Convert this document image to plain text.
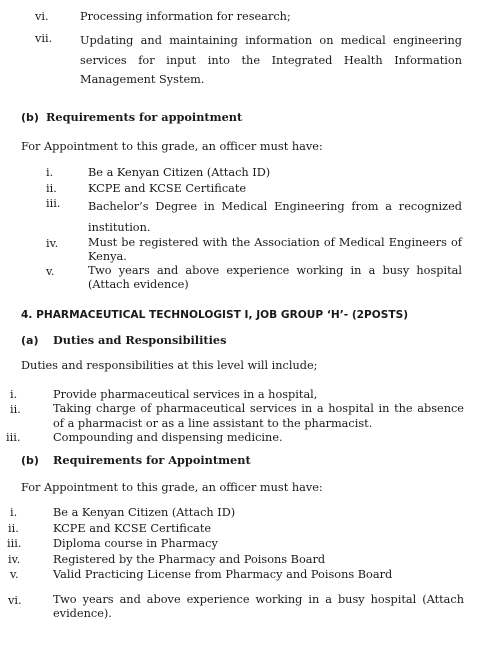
vi.	Processing information for research;
vii. Updating and maintaining information on medical engineering services for input into the Integrated Health Information Management System.
(b) Requirements for appointment
For Appointment to this grade, an officer must have:
i.	Be a Kenyan Citizen (Attach ID)
ii.	KCPE and KCSE Certificate
iii. Bachelor’s Degree in Medical Engineering from a recognized institution.
iv.	Must be registered with the Association of Medical Engineers of Kenya.
v.	Two years and above experience working in a busy hospital (Attach evidence)
4. PHARMACEUTICAL TECHNOLOGIST I, JOB GROUP ‘H’- (2POSTS)
(a) Duties and Responsibilities
Duties and responsibilities at this level will include;
i.	Provide pharmaceutical services in a hospital,
ii.	Taking charge of pharmaceutical services in a hospital in the absence of a pharmacist or as a line assistant to the pharmacist.
iii.	Compounding and dispensing medicine.
(b) Requirements for Appointment
For Appointment to this grade, an officer must have:
i.	Be a Kenyan Citizen (Attach ID)
ii.	KCPE and KCSE Certificate
iii.	Diploma course in Pharmacy
iv.	Registered by the Pharmacy and Poisons Board
v.	Valid Practicing License from Pharmacy and Poisons Board
vi.	Two years and above experience working in a busy hospital (Attach evidence).
